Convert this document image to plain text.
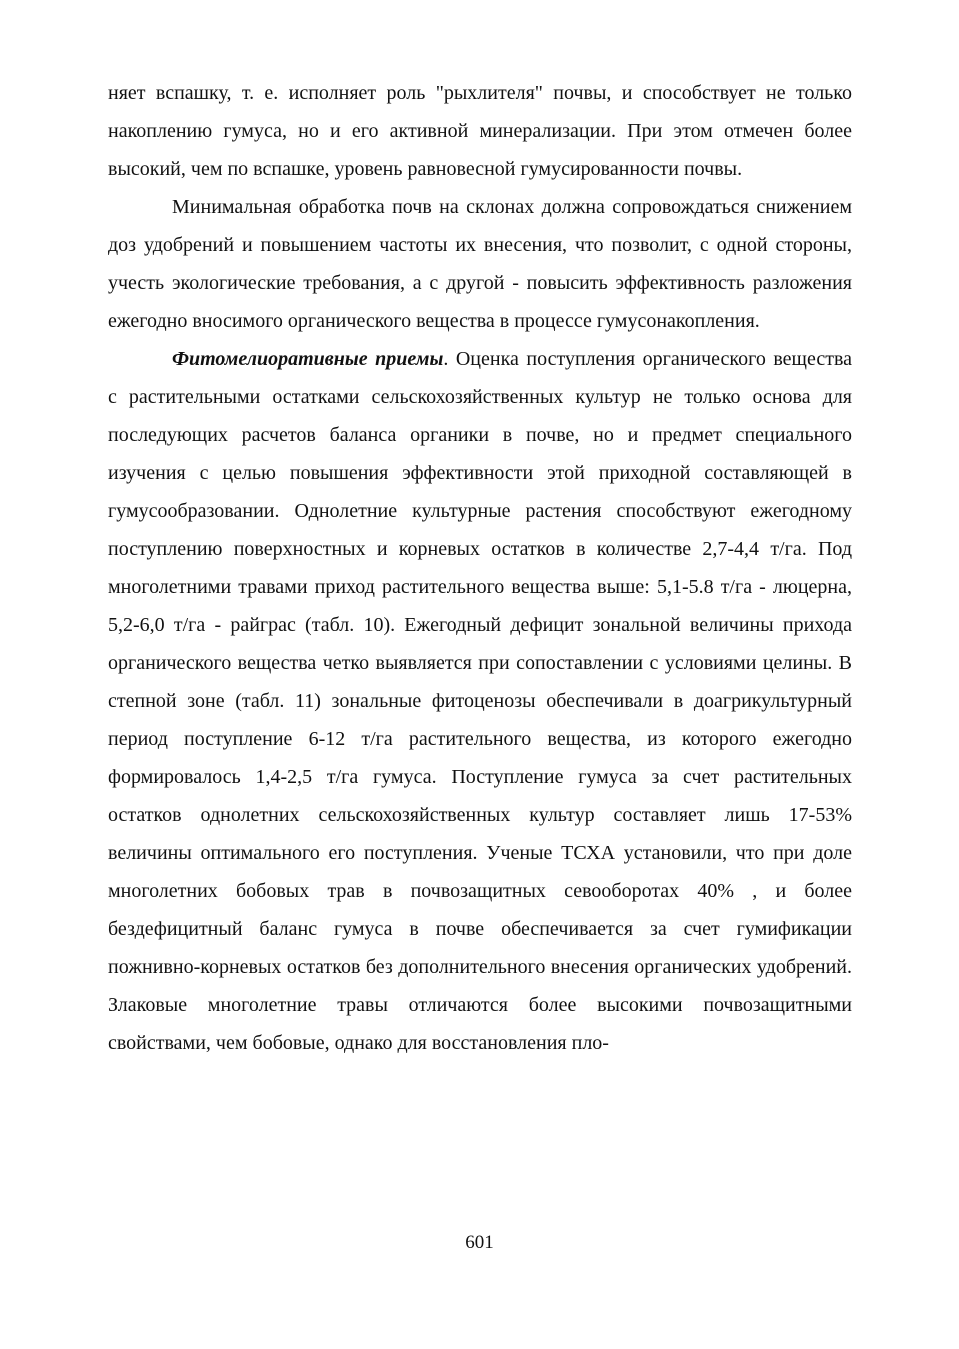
няет вспашку, т. е. исполняет роль "рыхлителя" почвы, и способствует не только накоплению гумуса, но и его активной минерализации. При этом отмечен более высокий, чем по вспашке, уровень равновесной гумусированности почвы.

Минимальная обработка почв на склонах должна сопровождаться снижением доз удобрений и повышением частоты их внесения, что позволит, с одной стороны, учесть экологические требования, а с другой - повысить эффективность разложения ежегодно вносимого органического вещества в процессе гумусонакопления.

Фитомелиоративные приемы. Оценка поступления органического вещества с растительными остатками сельскохозяйственных культур не только основа для последующих расчетов баланса органики в почве, но и предмет специального изучения с целью повышения эффективности этой приходной составляющей в гумусообразовании. Однолетние культурные растения способствуют ежегодному поступлению поверхностных и корневых остатков в количестве 2,7-4,4 т/га. Под многолетними травами приход растительного вещества выше: 5,1-5.8 т/га - люцерна, 5,2-6,0 т/га - райграс (табл. 10). Ежегодный дефицит зональной величины прихода органического вещества четко выявляется при сопоставлении с условиями целины. В степной зоне (табл. 11) зональные фитоценозы обеспечивали в доагрикультурный период поступление 6-12 т/га растительного вещества, из которого ежегодно формировалось 1,4-2,5 т/га гумуса. Поступление гумуса за счет растительных остатков однолетних сельскохозяйственных культур составляет лишь 17-53% величины оптимального его поступления. Ученые ТСХА установили, что при доле многолетних бобовых трав в почвозащитных севооборотах 40% , и более бездефицитный баланс гумуса в почве обеспечивается за счет гумификации пожнивно-корневых остатков без дополнительного внесения органических удобрений. Злаковые многолетние травы отличаются более высокими почвозащитными свойствами, чем бобовые, однако для восстановления пло-

601
